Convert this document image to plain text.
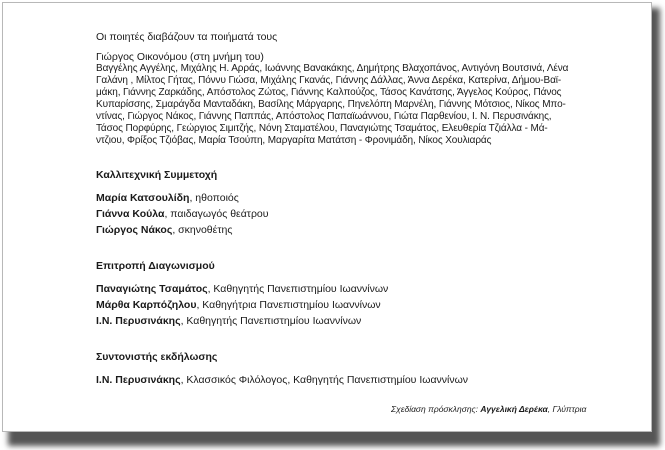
Οι ποιητές διαβάζουν τα ποιήματά τους

Γιώργος Οικονόμου (στη μνήμη του)

Βαγγέλης Αγγέλης, Μιχάλης Η. Αρράς, Ιωάννης Βανακάκης, Δημήτρης Βλαχοπάνος, Αντιγόνη Βουτσινά, Λένα
Γαλάνη , Μίλτος Γήτας, Πόννυ Γιώσα, Μιχάλης Γκανάς, Γιάννης Δάλλας, Άννα Δερέκα, Κατερίνα, Δήμου-Βαϊ-
μάκη, Γιάννης Ζαρκάδης, Απόστολος Ζώτος, Γιάννης Καλπούζος, Τάσος Κανάτσης, Άγγελος Κούρος, Πάνος
Κυπαρίσσης, Σμαράγδα Μανταδάκη, Βασίλης Μάργαρης, Πηνελόπη Μαρνέλη, Γιάννης Μότσιος, Νίκος Μπο-
ντίνας, Γιώργος Νάκος, Γιάννης Παππάς, Απόστολος Παπαϊωάννου, Γιώτα Παρθενίου, Ι. Ν. Περυσινάκης,
Τάσος Πορφύρης, Γεώργιος Σιμιτζής, Νόνη Σταματέλου, Παναγιώτης Τσαμάτος, Ελευθερία Τζιάλλα - Μά-
ντζιου, Φρίξος Τζιόβας, Μαρία Τσούπη, Μαργαρίτα Ματάτση - Φρονιμάδη, Νίκος Χουλιαράς

Καλλιτεχνική Συμμετοχή

Μαρία Κατσουλίδη, ηθοποιός

Γιάννα Κούλα, παιδαγωγός θεάτρου

Γιώργος Νάκος, σκηνοθέτης

Επιτροπή Διαγωνισμού

Παναγιώτης Τσαμάτος, Καθηγητής Πανεπιστημίου Ιωαννίνων

Μάρθα Καρπόζηλου, Καθηγήτρια Πανεπιστημίου Ιωαννίνων

Ι.Ν. Περυσινάκης, Καθηγητής Πανεπιστημίου Ιωαννίνων

Συντονιστής εκδήλωσης

Ι.Ν. Περυσινάκης, Κλασσικός Φιλόλογος, Καθηγητής Πανεπιστημίου Ιωαννίνων

Σχεδίαση πρόσκλησης: Αγγελική Δερέκα, Γλύπτρια
